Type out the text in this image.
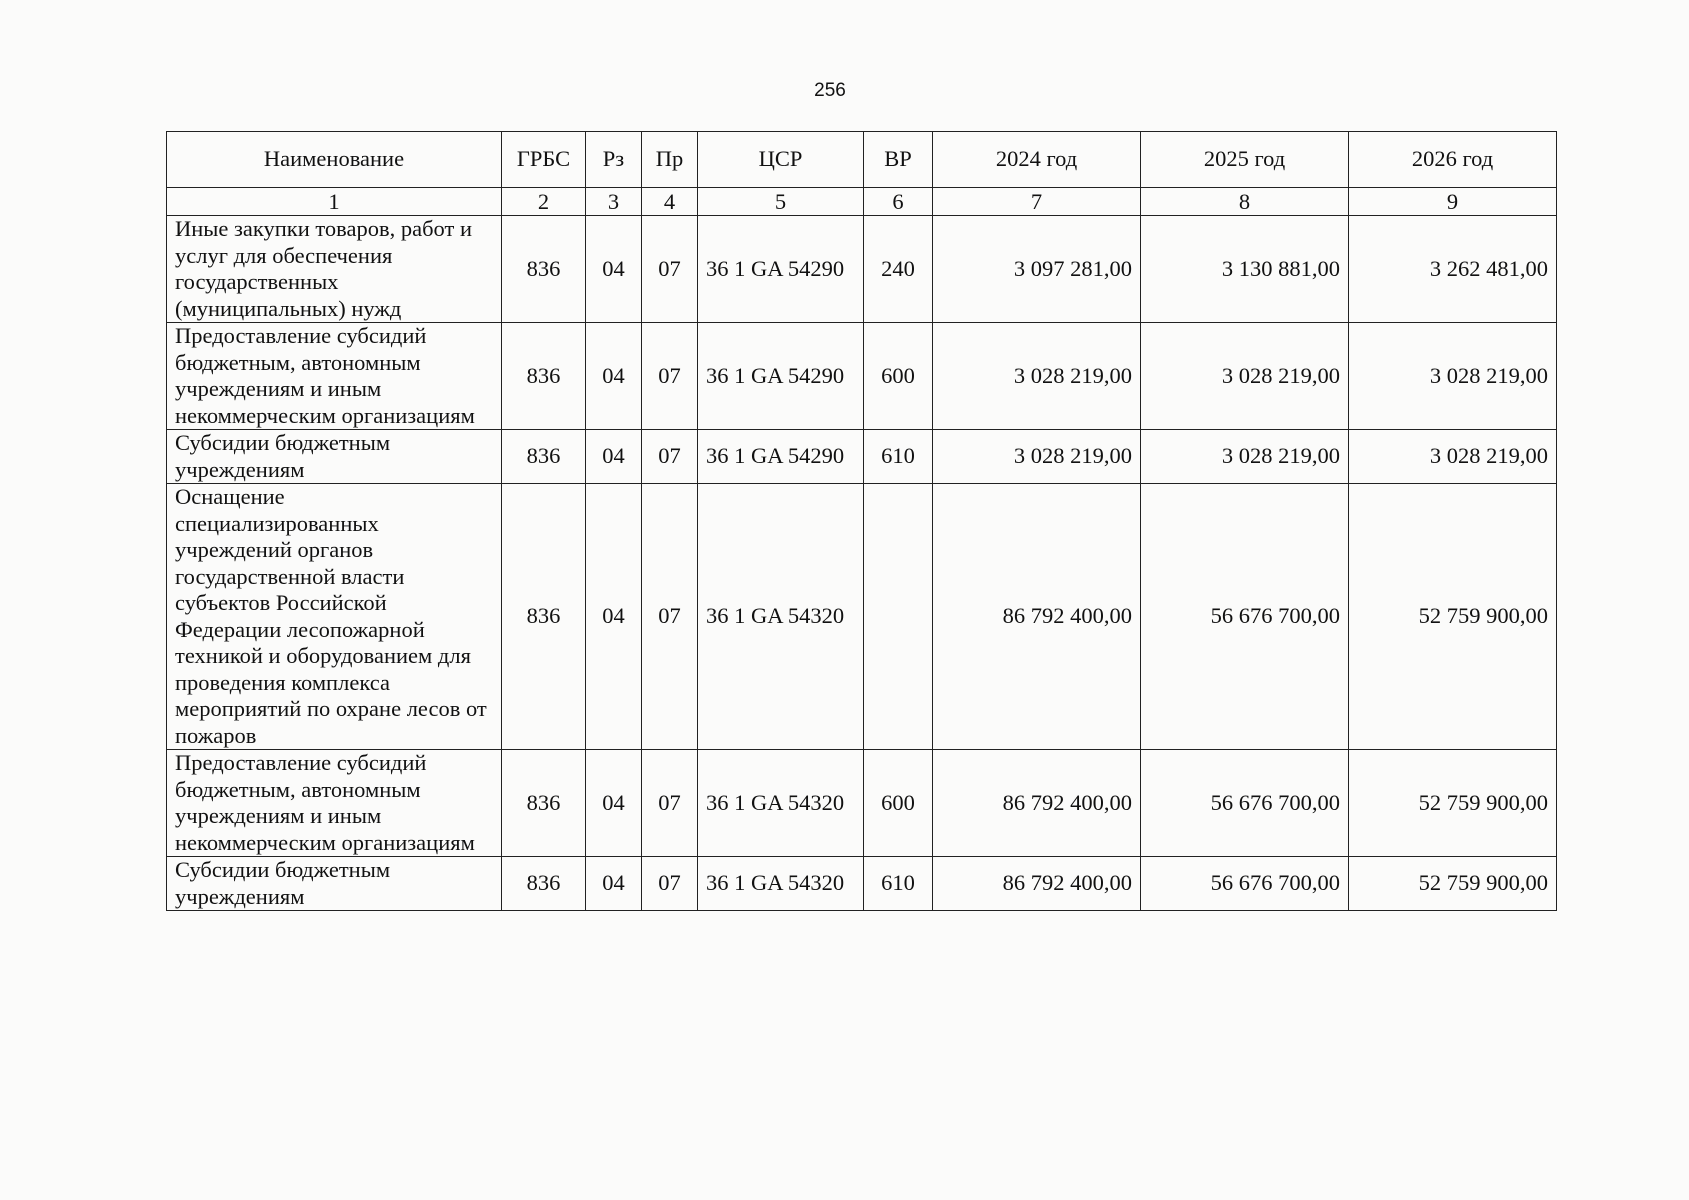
256
Наименование	ГРБС	Рз	Пр	ЦСР	ВР	2024 год	2025 год	2026 год
1	2	3	4	5	6	7	8	9
Иные закупки товаров, работ и услуг для обеспечения государственных (муниципальных) нужд	836	04	07	36 1 GA 54290	240	3 097 281,00	3 130 881,00	3 262 481,00
Предоставление субсидий бюджетным, автономным учреждениям и иным некоммерческим организациям	836	04	07	36 1 GA 54290	600	3 028 219,00	3 028 219,00	3 028 219,00
Субсидии бюджетным учреждениям	836	04	07	36 1 GA 54290	610	3 028 219,00	3 028 219,00	3 028 219,00
Оснащение специализированных учреждений органов государственной власти субъектов Российской Федерации лесопожарной техникой и оборудованием для проведения комплекса мероприятий по охране лесов от пожаров	836	04	07	36 1 GA 54320		86 792 400,00	56 676 700,00	52 759 900,00
Предоставление субсидий бюджетным, автономным учреждениям и иным некоммерческим организациям	836	04	07	36 1 GA 54320	600	86 792 400,00	56 676 700,00	52 759 900,00
Субсидии бюджетным учреждениям	836	04	07	36 1 GA 54320	610	86 792 400,00	56 676 700,00	52 759 900,00
